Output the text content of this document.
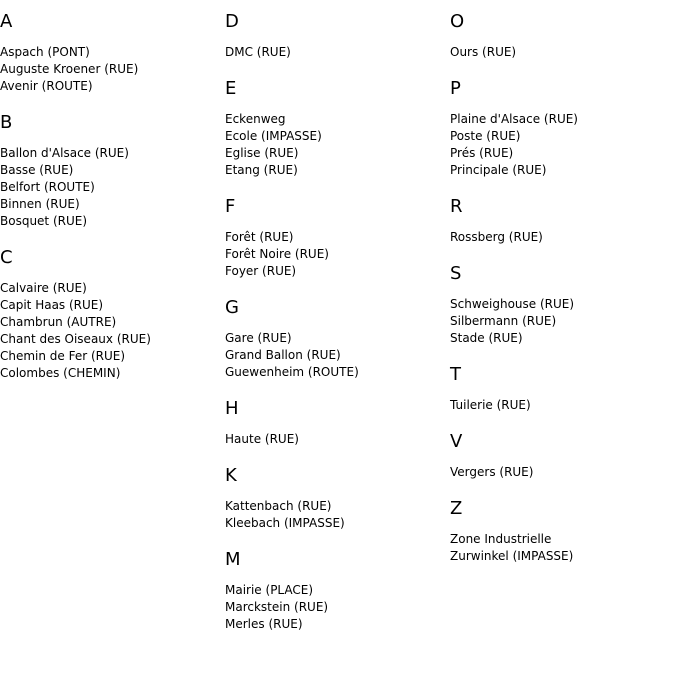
A
Aspach (PONT)
Auguste Kroener (RUE)
Avenir (ROUTE)
B
Ballon d'Alsace (RUE)
Basse (RUE)
Belfort (ROUTE)
Binnen (RUE)
Bosquet (RUE)
C
Calvaire (RUE)
Capit Haas (RUE)
Chambrun (AUTRE)
Chant des Oiseaux (RUE)
Chemin de Fer (RUE)
Colombes (CHEMIN)
D
DMC (RUE)
E
Eckenweg
Ecole (IMPASSE)
Eglise (RUE)
Etang (RUE)
F
Forêt (RUE)
Forêt Noire (RUE)
Foyer (RUE)
G
Gare (RUE)
Grand Ballon (RUE)
Guewenheim (ROUTE)
H
Haute (RUE)
K
Kattenbach (RUE)
Kleebach (IMPASSE)
M
Mairie (PLACE)
Marckstein (RUE)
Merles (RUE)
O
Ours (RUE)
P
Plaine d'Alsace (RUE)
Poste (RUE)
Prés (RUE)
Principale (RUE)
R
Rossberg (RUE)
S
Schweighouse (RUE)
Silbermann (RUE)
Stade (RUE)
T
Tuilerie (RUE)
V
Vergers (RUE)
Z
Zone Industrielle
Zurwinkel (IMPASSE)
